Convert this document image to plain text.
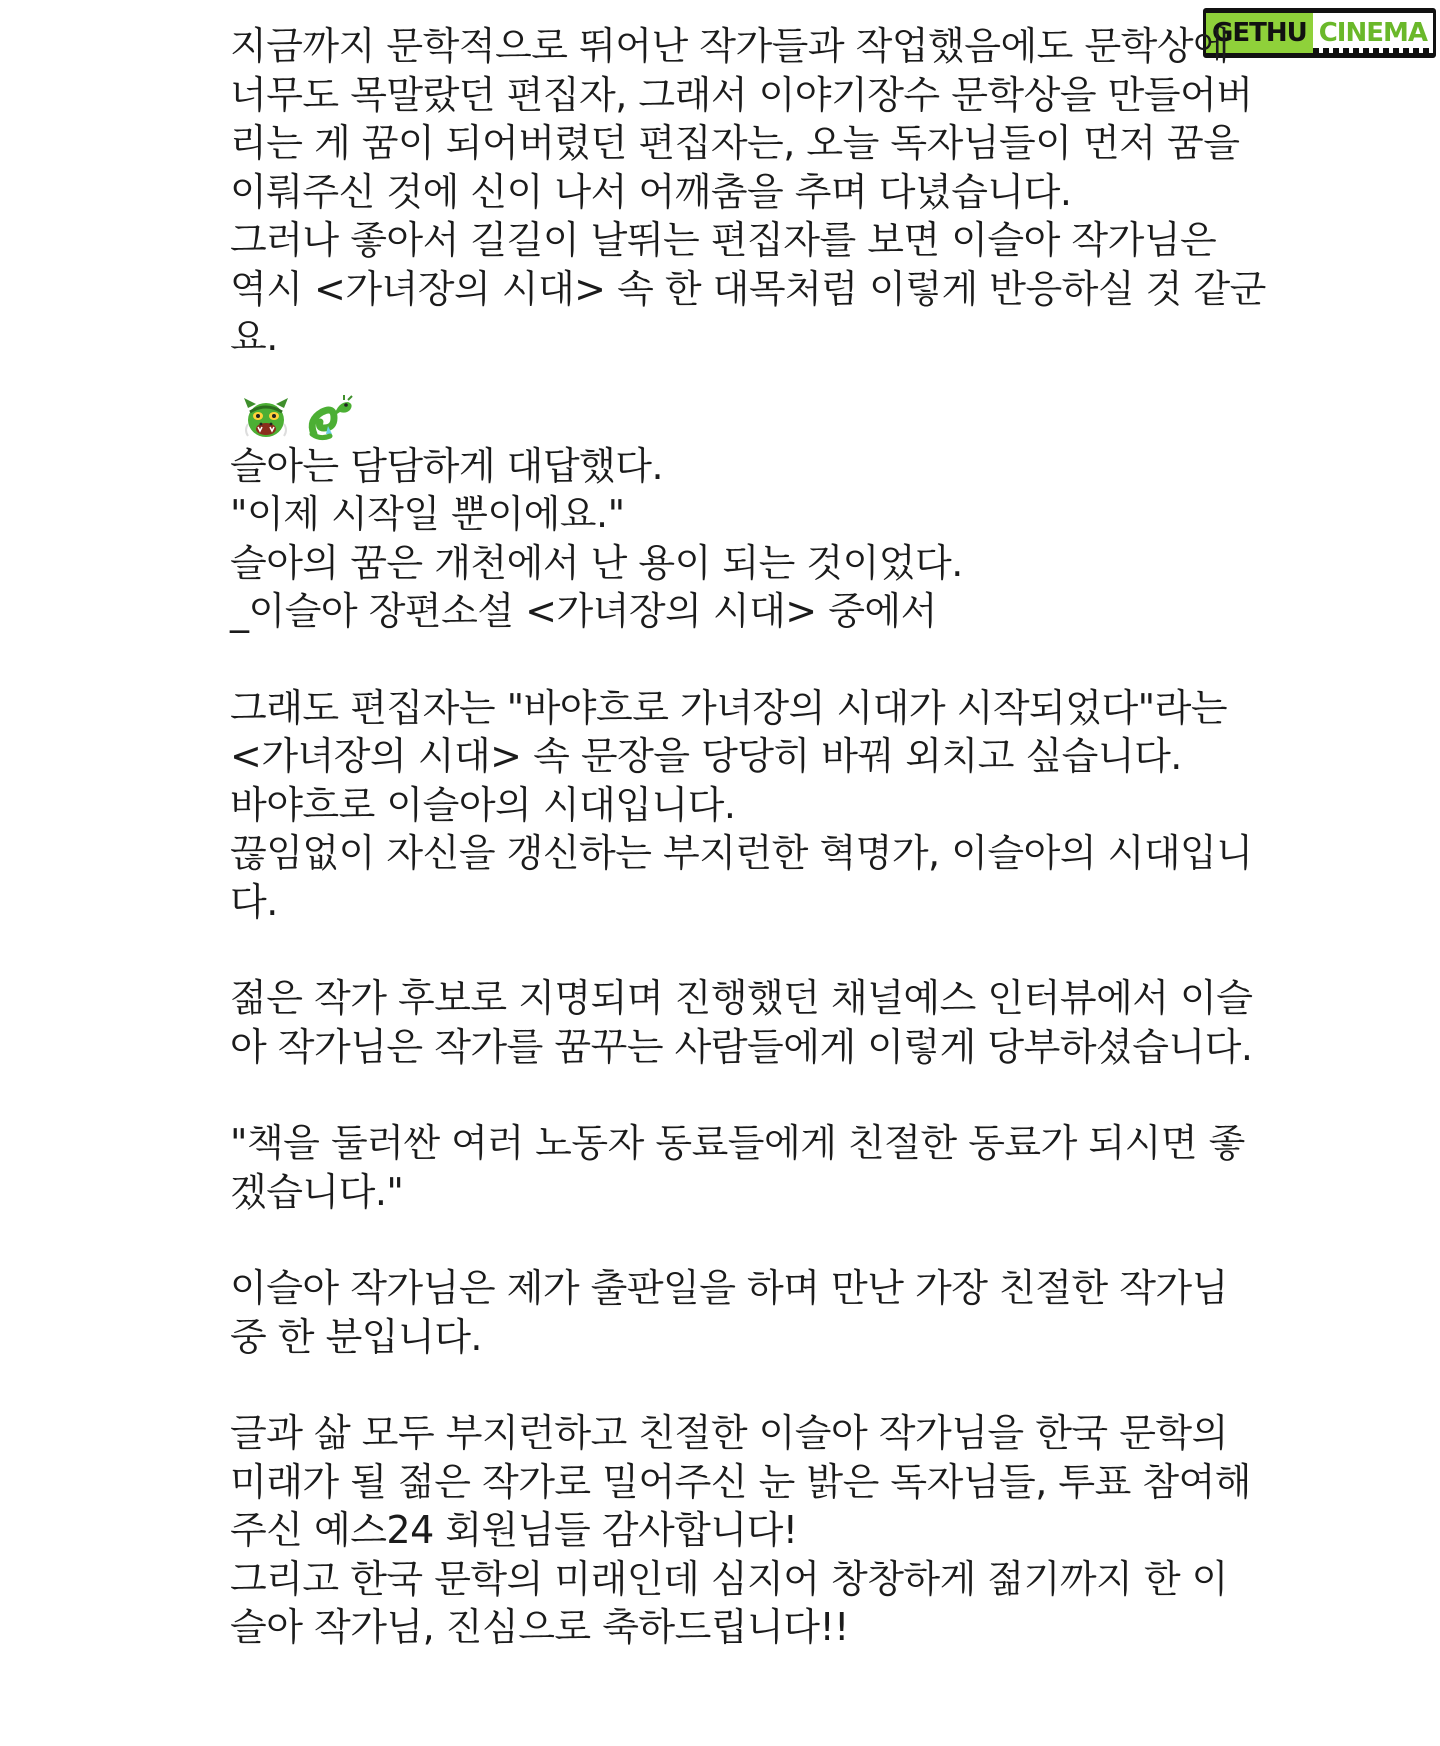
GETHU CINEMA
지금까지 문학적으로 뛰어난 작가들과 작업했음에도 문학상에
너무도 목말랐던 편집자, 그래서 이야기장수 문학상을 만들어버
리는 게 꿈이 되어버렸던 편집자는, 오늘 독자님들이 먼저 꿈을
이뤄주신 것에 신이 나서 어깨춤을 추며 다녔습니다.
그러나 좋아서 길길이 날뛰는 편집자를 보면 이슬아 작가님은
역시 <가녀장의 시대> 속 한 대목처럼 이렇게 반응하실 것 같군
요.
슬아는 담담하게 대답했다.
"이제 시작일 뿐이에요."
슬아의 꿈은 개천에서 난 용이 되는 것이었다.
_이슬아 장편소설 <가녀장의 시대> 중에서
그래도 편집자는 "바야흐로 가녀장의 시대가 시작되었다"라는
<가녀장의 시대> 속 문장을 당당히 바꿔 외치고 싶습니다.
바야흐로 이슬아의 시대입니다.
끊임없이 자신을 갱신하는 부지런한 혁명가, 이슬아의 시대입니
다.
젊은 작가 후보로 지명되며 진행했던 채널예스 인터뷰에서 이슬
아 작가님은 작가를 꿈꾸는 사람들에게 이렇게 당부하셨습니다.
"책을 둘러싼 여러 노동자 동료들에게 친절한 동료가 되시면 좋
겠습니다."
이슬아 작가님은 제가 출판일을 하며 만난 가장 친절한 작가님
중 한 분입니다.
글과 삶 모두 부지런하고 친절한 이슬아 작가님을 한국 문학의
미래가 될 젊은 작가로 밀어주신 눈 밝은 독자님들, 투표 참여해
주신 예스24 회원님들 감사합니다!
그리고 한국 문학의 미래인데 심지어 창창하게 젊기까지 한 이
슬아 작가님, 진심으로 축하드립니다!!
